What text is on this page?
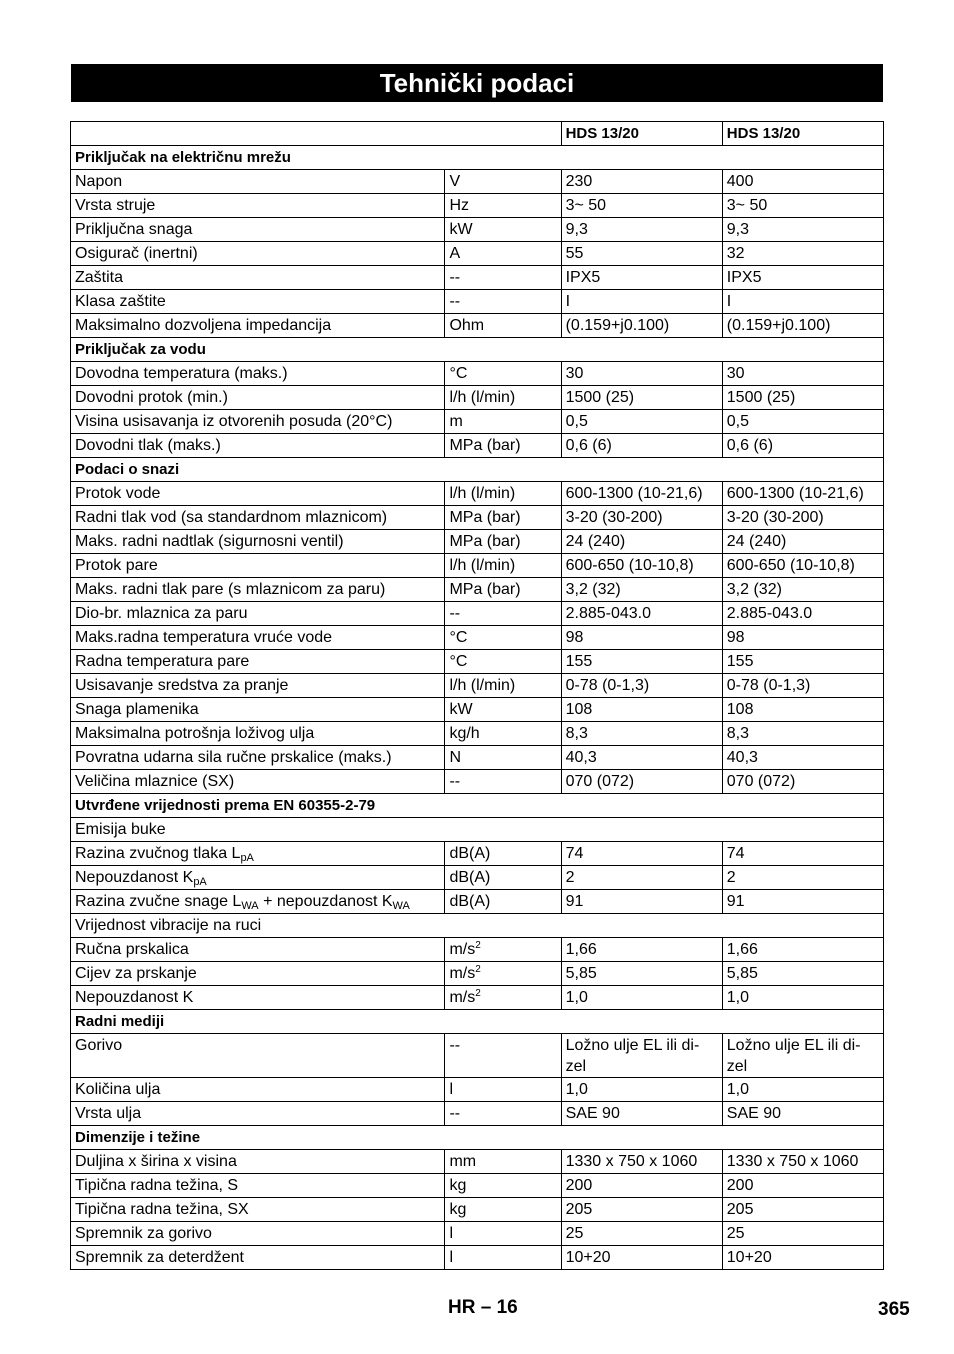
Tehnički podaci
		HDS 13/20	HDS 13/20
Priključak na električnu mrežu			
Napon	V	230	400
Vrsta struje	Hz	3~ 50	3~ 50
Priključna snaga	kW	9,3	9,3
Osigurač (inertni)	A	55	32
Zaštita	--	IPX5	IPX5
Klasa zaštite	--	I	I
Maksimalno dozvoljena impedancija	Ohm	(0.159+j0.100)	(0.159+j0.100)
Priključak za vodu			
Dovodna temperatura (maks.)	°C	30	30
Dovodni protok (min.)	l/h (l/min)	1500 (25)	1500 (25)
Visina usisavanja iz otvorenih posuda (20°C)	m	0,5	0,5
Dovodni tlak (maks.)	MPa (bar)	0,6 (6)	0,6 (6)
Podaci o snazi			
Protok vode	l/h (l/min)	600-1300 (10-21,6)	600-1300 (10-21,6)
Radni tlak vod (sa standardnom mlaznicom)	MPa (bar)	3-20 (30-200)	3-20 (30-200)
Maks. radni nadtlak (sigurnosni ventil)	MPa (bar)	24 (240)	24 (240)
Protok pare	l/h (l/min)	600-650 (10-10,8)	600-650 (10-10,8)
Maks. radni tlak pare (s mlaznicom za paru)	MPa (bar)	3,2 (32)	3,2 (32)
Dio-br. mlaznica za paru	--	2.885-043.0	2.885-043.0
Maks.radna temperatura vruće vode	°C	98	98
Radna temperatura pare	°C	155	155
Usisavanje sredstva za pranje	l/h (l/min)	0-78 (0-1,3)	0-78 (0-1,3)
Snaga plamenika	kW	108	108
Maksimalna potrošnja loživog ulja	kg/h	8,3	8,3
Povratna udarna sila ručne prskalice (maks.)	N	40,3	40,3
Veličina mlaznice (SX)	--	070 (072)	070 (072)
Utvrđene vrijednosti prema EN 60355-2-79			
Emisija buke			
Razina zvučnog tlaka $L_{pA}$	dB(A)	74	74
Nepouzdanost $K_{pA}$	dB(A)	2	2
Razina zvučne snage $L_{WA}$ + nepouzdanost $K_{WA}$	dB(A)	91	91
Vrijednost vibracije na ruci			
Ručna prskalica	$m/s^2$	1,66	1,66
Cijev za prskanje	$m/s^2$	5,85	5,85
Nepouzdanost K	$m/s^2$	1,0	1,0
Radni mediji			
Gorivo	--	Ložno ulje EL ili di-zel	Ložno ulje EL ili di-zel
Količina ulja	l	1,0	1,0
Vrsta ulja	--	SAE 90	SAE 90
Dimenzije i težine			
Duljina x širina x visina	mm	1330 x 750 x 1060	1330 x 750 x 1060
Tipična radna težina, S	kg	200	200
Tipična radna težina, SX	kg	205	205
Spremnik za gorivo	l	25	25
Spremnik za deterdžent	l	10+20	10+20
HR – 16	365
